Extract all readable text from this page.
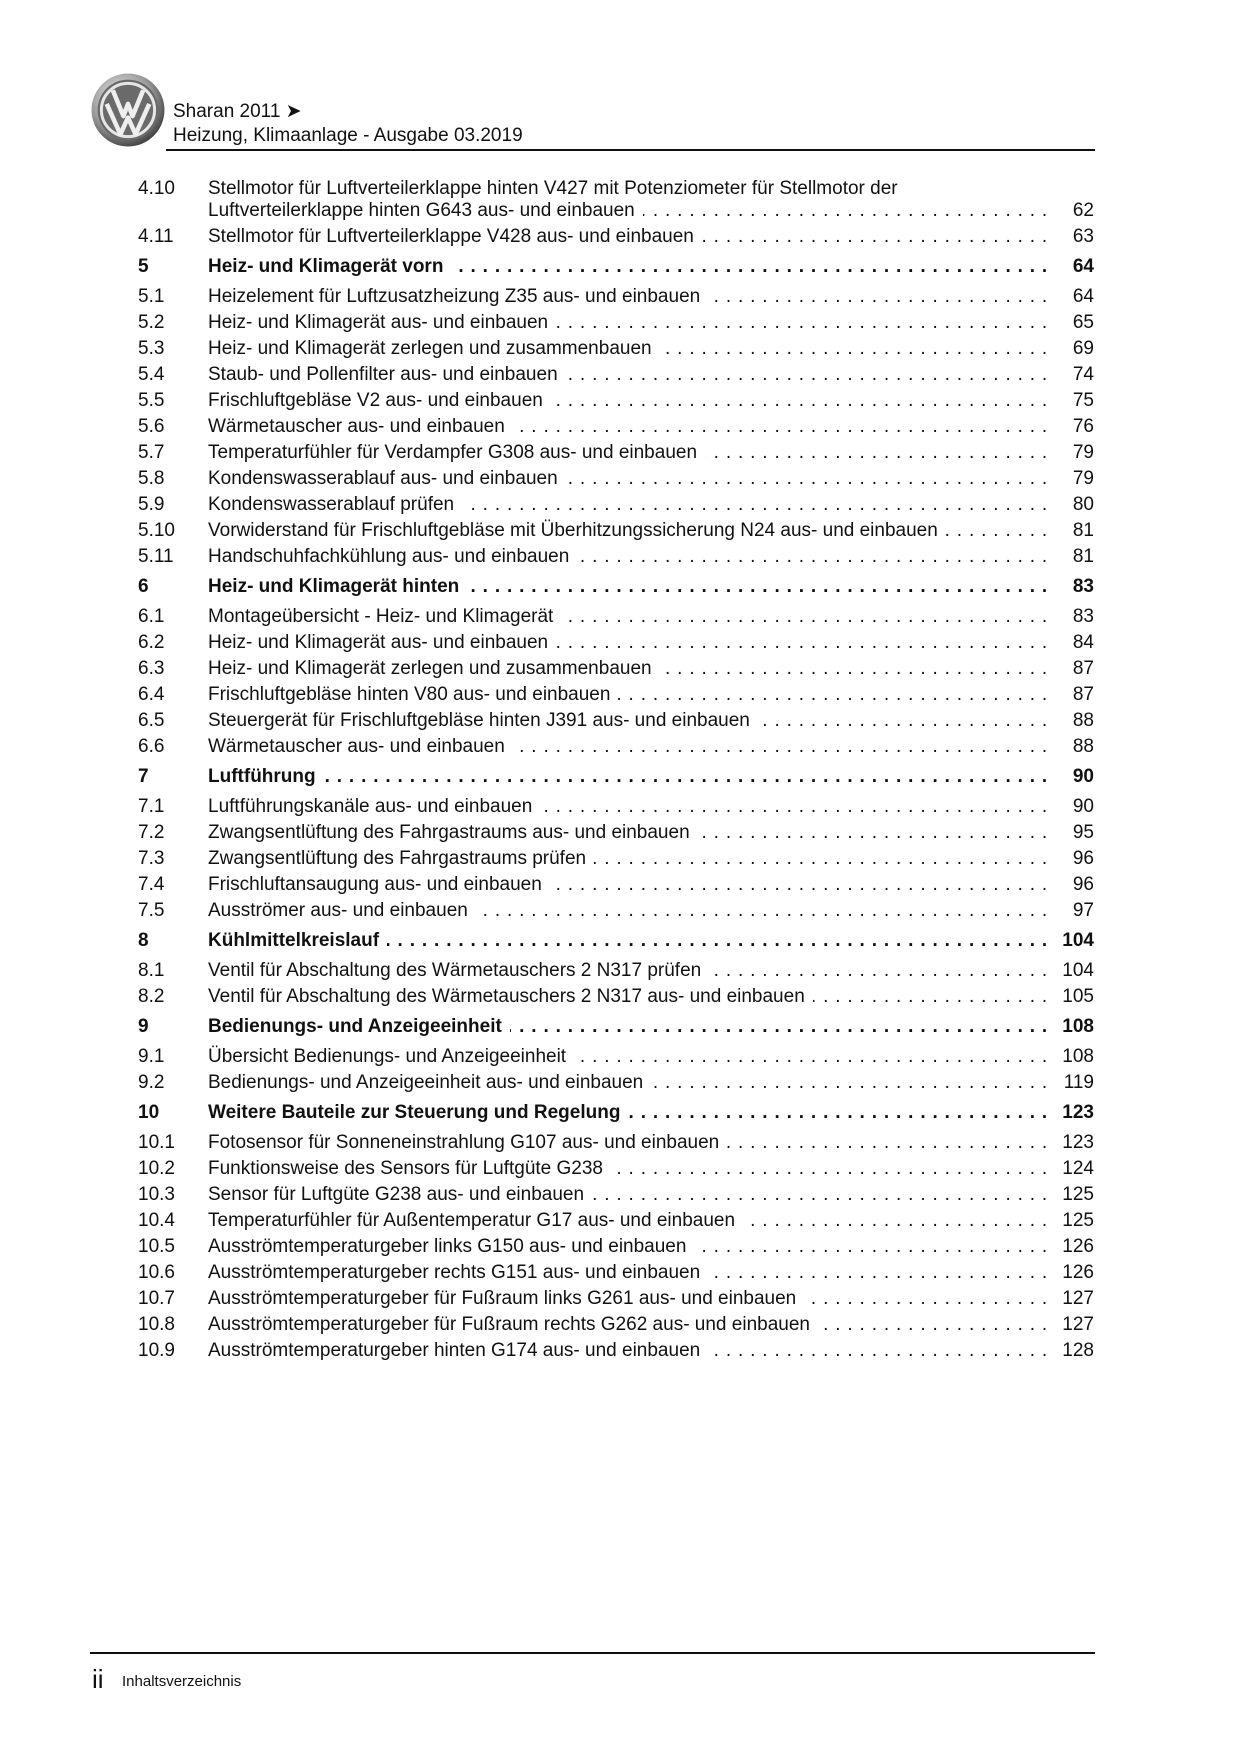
Sharan 2011 ➤
Heizung, Klimaanlage - Ausgabe 03.2019
4.10 Stellmotor für Luftverteilerklappe hinten V427 mit Potenziometer für Stellmotor der
Luftverteilerklappe hinten G643 aus- und einbauen . . .	62
4.11 Stellmotor für Luftverteilerklappe V428 aus- und einbauen . . .	63
5	Heiz- und Klimagerät vorn . . .	64
5.1 Heizelement für Luftzusatzheizung Z35 aus- und einbauen . . .	64
5.2 Heiz- und Klimagerät aus- und einbauen . . .	65
5.3 Heiz- und Klimagerät zerlegen und zusammenbauen . . .	69
5.4 Staub- und Pollenfilter aus- und einbauen . . .	74
5.5 Frischluftgebläse V2 aus- und einbauen . . .	75
5.6 Wärmetauscher aus- und einbauen . . .	76
5.7 Temperaturfühler für Verdampfer G308 aus- und einbauen . . .	79
5.8 Kondenswasserablauf aus- und einbauen . . .	79
5.9 Kondenswasserablauf prüfen . . .	80
5.10 Vorwiderstand für Frischluftgebläse mit Überhitzungssicherung N24 aus- und einbauen . . .	81
5.11 Handschuhfachkühlung aus- und einbauen . . .	81
6	Heiz- und Klimagerät hinten . . .	83
6.1 Montageübersicht - Heiz- und Klimagerät . . .	83
6.2 Heiz- und Klimagerät aus- und einbauen . . .	84
6.3 Heiz- und Klimagerät zerlegen und zusammenbauen . . .	87
6.4 Frischluftgebläse hinten V80 aus- und einbauen . . .	87
6.5 Steuergerät für Frischluftgebläse hinten J391 aus- und einbauen . . .	88
6.6 Wärmetauscher aus- und einbauen . . .	88
7	Luftführung . . .	90
7.1 Luftführungskanäle aus- und einbauen . . .	90
7.2 Zwangsentlüftung des Fahrgastraums aus- und einbauen . . .	95
7.3 Zwangsentlüftung des Fahrgastraums prüfen . . .	96
7.4 Frischluftansaugung aus- und einbauen . . .	96
7.5 Ausströmer aus- und einbauen . . .	97
8	Kühlmittelkreislauf . . .	104
8.1 Ventil für Abschaltung des Wärmetauschers 2 N317 prüfen . . .	104
8.2 Ventil für Abschaltung des Wärmetauschers 2 N317 aus- und einbauen . . .	105
9	Bedienungs- und Anzeigeeinheit . . .	108
9.1 Übersicht Bedienungs- und Anzeigeeinheit . . .	108
9.2 Bedienungs- und Anzeigeeinheit aus- und einbauen . . .	119
10	Weitere Bauteile zur Steuerung und Regelung . . .	123
10.1 Fotosensor für Sonneneinstrahlung G107 aus- und einbauen . . .	123
10.2 Funktionsweise des Sensors für Luftgüte G238 . . .	124
10.3 Sensor für Luftgüte G238 aus- und einbauen . . .	125
10.4 Temperaturfühler für Außentemperatur G17 aus- und einbauen . . .	125
10.5 Ausströmtemperaturgeber links G150 aus- und einbauen . . .	126
10.6 Ausströmtemperaturgeber rechts G151 aus- und einbauen . . .	126
10.7 Ausströmtemperaturgeber für Fußraum links G261 aus- und einbauen . . .	127
10.8 Ausströmtemperaturgeber für Fußraum rechts G262 aus- und einbauen . . .	127
10.9 Ausströmtemperaturgeber hinten G174 aus- und einbauen . . .	128
ii Inhaltsverzeichnis
